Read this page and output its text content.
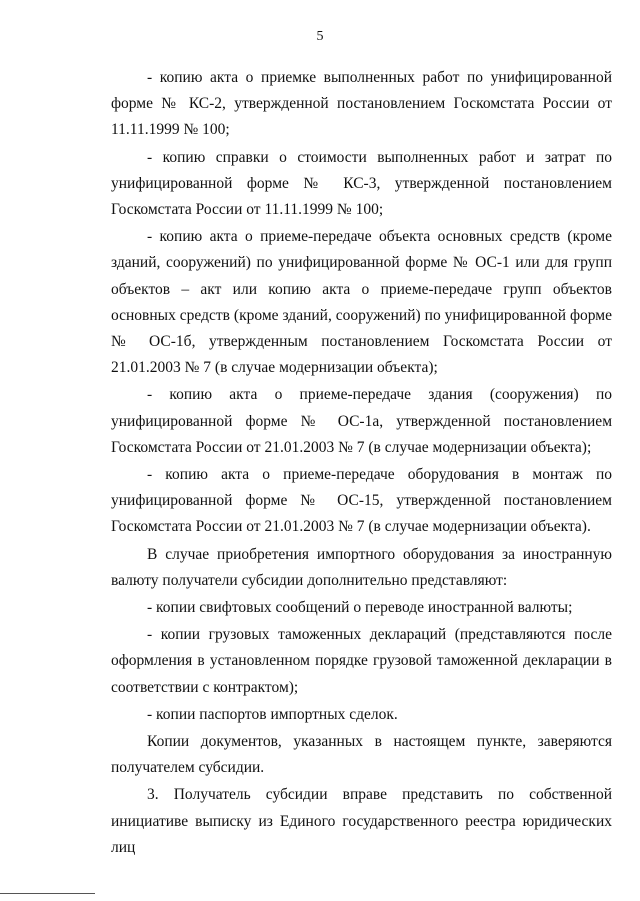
5

- копию акта о приемке выполненных работ по унифицированной форме № КС-2, утвержденной постановлением Госкомстата России от 11.11.1999 № 100;

- копию справки о стоимости выполненных работ и затрат по унифицированной форме № КС-3, утвержденной постановлением Госкомстата России от 11.11.1999 № 100;

- копию акта о приеме-передаче объекта основных средств (кроме зданий, сооружений) по унифицированной форме № ОС-1 или для групп объектов – акт или копию акта о приеме-передаче групп объектов основных средств (кроме зданий, сооружений) по унифицированной форме № ОС-1б, утвержденным постановлением Госкомстата России от 21.01.2003 № 7 (в случае модернизации объекта);

- копию акта о приеме-передаче здания (сооружения) по унифицированной форме № ОС-1а, утвержденной постановлением Госкомстата России от 21.01.2003 № 7 (в случае модернизации объекта);

- копию акта о приеме-передаче оборудования в монтаж по унифицированной форме № ОС-15, утвержденной постановлением Госкомстата России от 21.01.2003 № 7 (в случае модернизации объекта).

В случае приобретения импортного оборудования за иностранную валюту получатели субсидии дополнительно представляют:

- копии свифтовых сообщений о переводе иностранной валюты;

- копии грузовых таможенных деклараций (представляются после оформления в установленном порядке грузовой таможенной декларации в соответствии с контрактом);

- копии паспортов импортных сделок.

Копии документов, указанных в настоящем пункте, заверяются получателем субсидии.

3. Получатель субсидии вправе представить по собственной инициативе выписку из Единого государственного реестра юридических лиц
